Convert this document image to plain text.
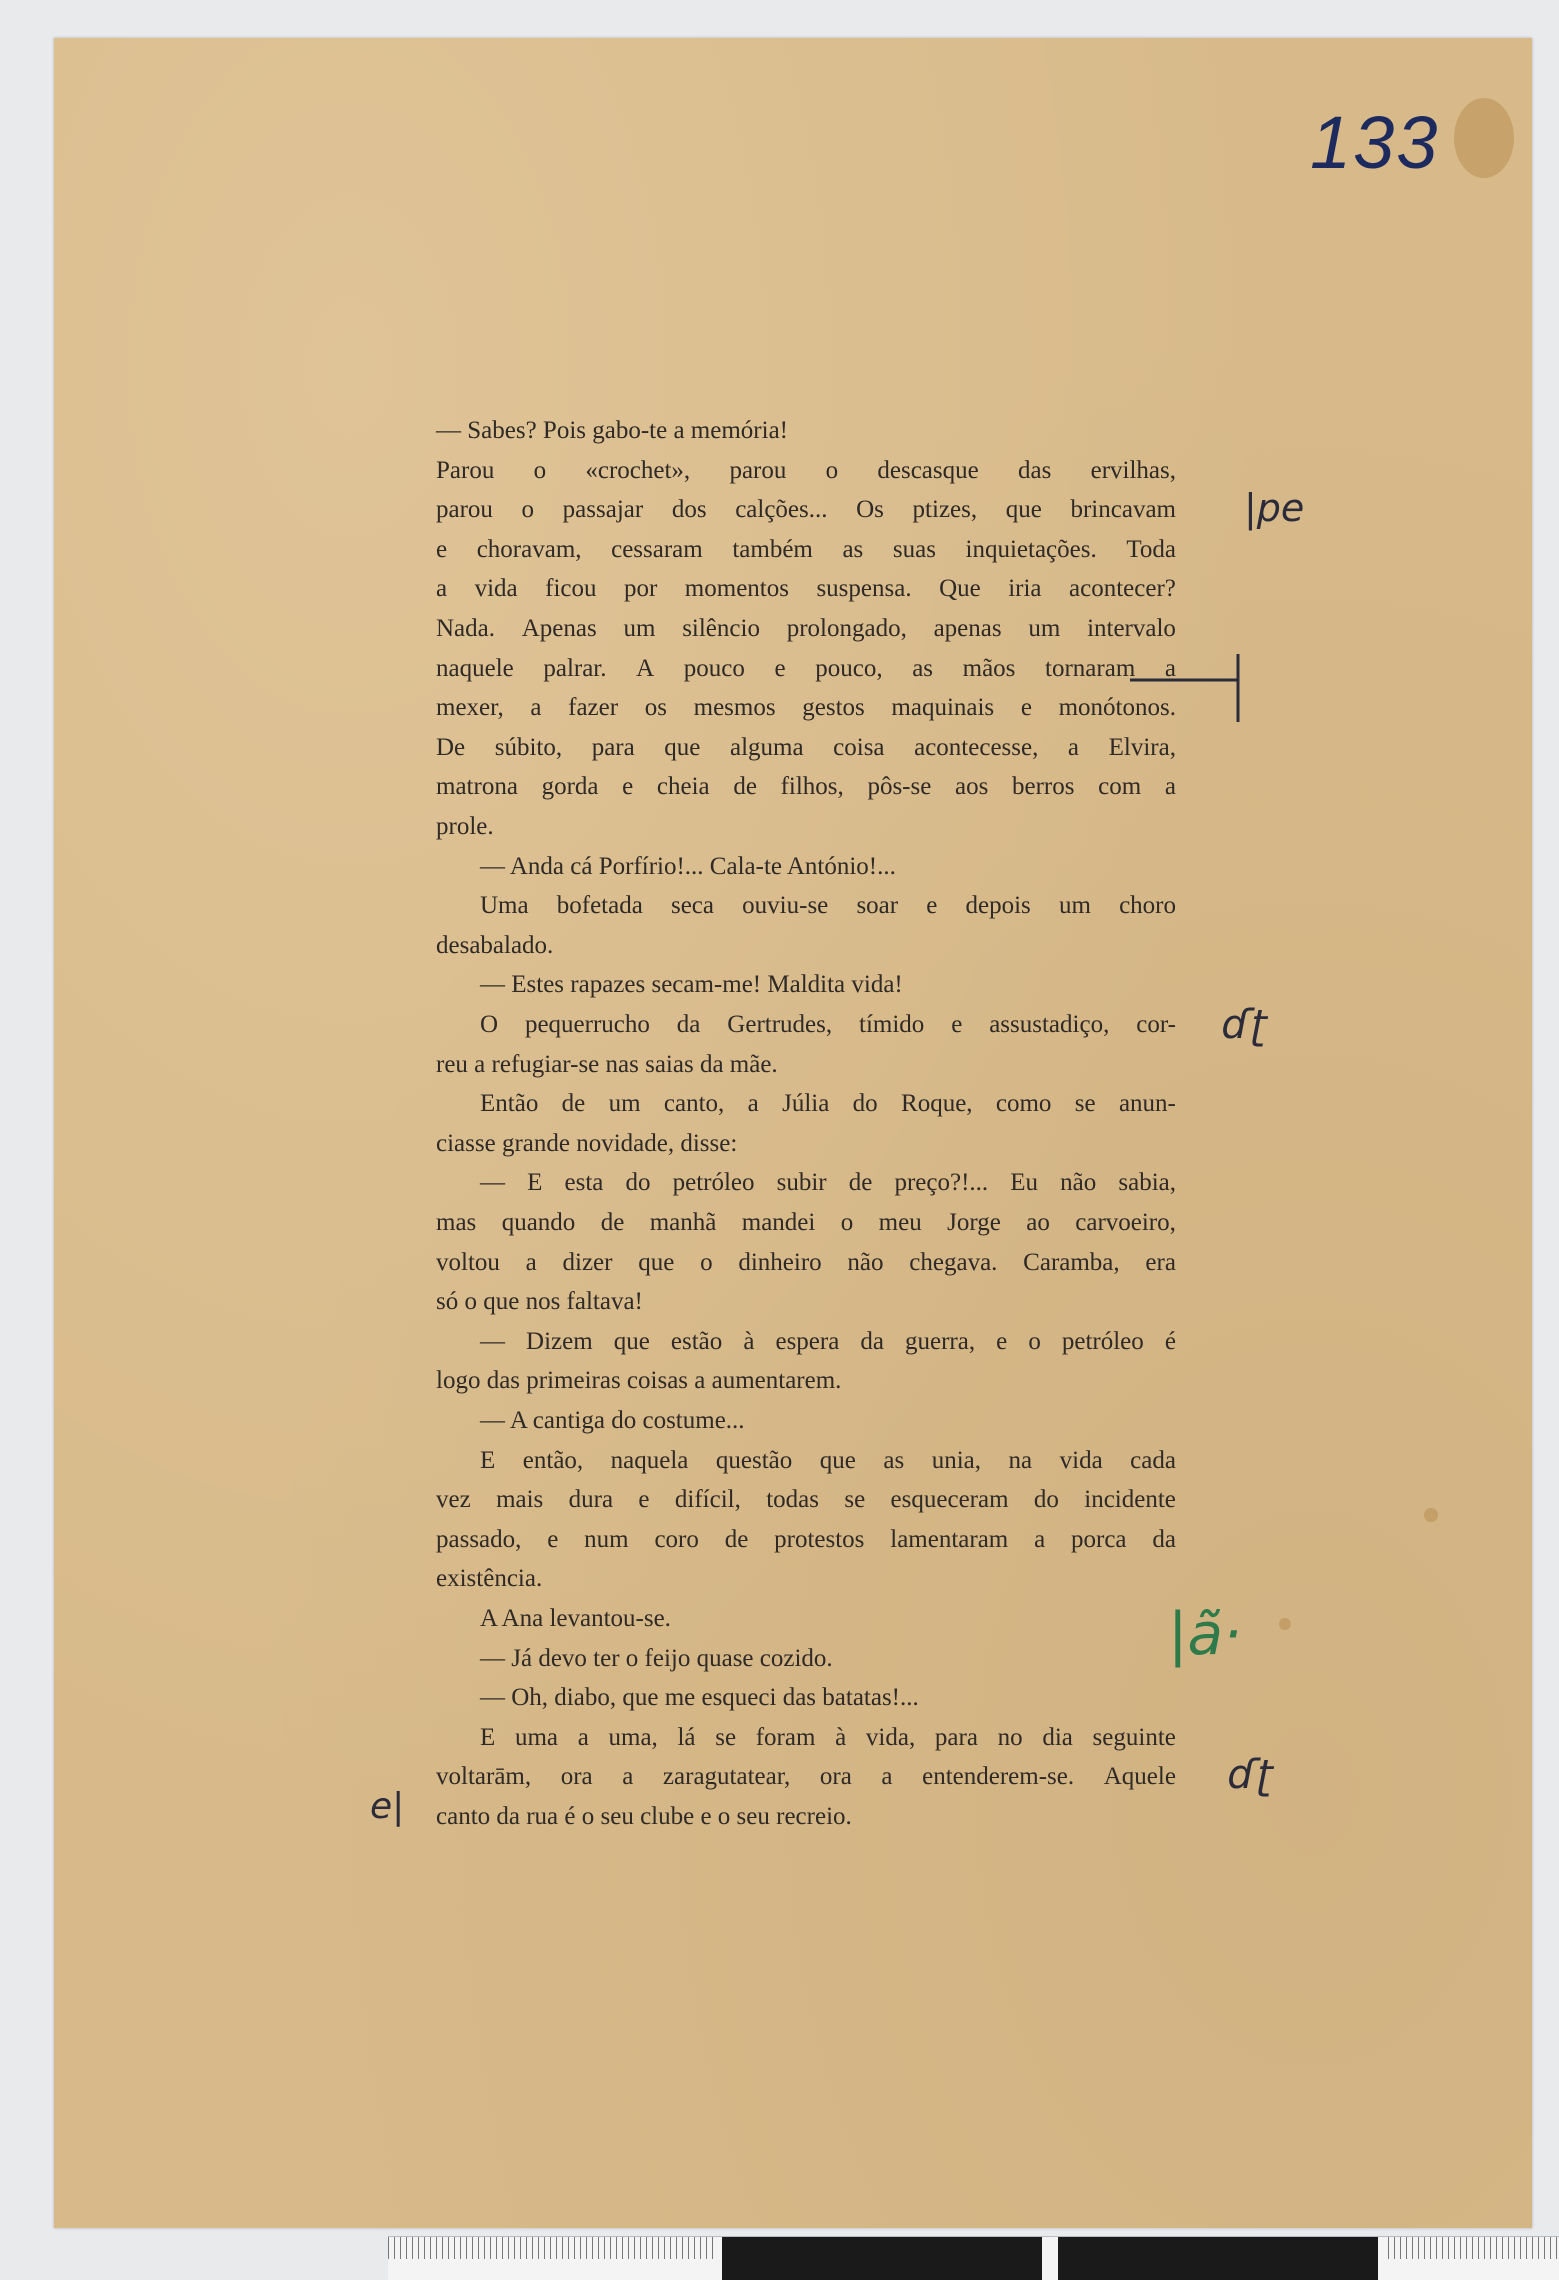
133
— Sabes? Pois gabo-te a memória!
Parou o «crochet», parou o descasque das ervilhas,
parou o passajar dos calções... Os ptizes, que brincavam
e choravam, cessaram também as suas inquietações. Toda
a vida ficou por momentos suspensa. Que iria acontecer?
Nada. Apenas um silêncio prolongado, apenas um intervalo
naquele palrar. A pouco e pouco, as mãos tornaram a
mexer, a fazer os mesmos gestos maquinais e monótonos.
De súbito, para que alguma coisa acontecesse, a Elvira,
matrona gorda e cheia de filhos, pôs-se aos berros com a
prole.
— Anda cá Porfírio!... Cala-te António!...
Uma bofetada seca ouviu-se soar e depois um choro
desabalado.
— Estes rapazes secam-me! Maldita vida!
O pequerrucho da Gertrudes, tímido e assustadiço, cor-
reu a refugiar-se nas saias da mãe.
Então de um canto, a Júlia do Roque, como se anun-
ciasse grande novidade, disse:
— E esta do petróleo subir de preço?!... Eu não sabia,
mas quando de manhã mandei o meu Jorge ao carvoeiro,
voltou a dizer que o dinheiro não chegava. Caramba, era
só o que nos faltava!
— Dizem que estão à espera da guerra, e o petróleo é
logo das primeiras coisas a aumentarem.
— A cantiga do costume...
E então, naquela questão que as unia, na vida cada
vez mais dura e difícil, todas se esqueceram do incidente
passado, e num coro de protestos lamentaram a porca da
existência.
A Ana levantou-se.
— Já devo ter o feijo quase cozido.
— Oh, diabo, que me esqueci das batatas!...
E uma a uma, lá se foram à vida, para no dia seguinte
voltarām, ora a zaragutatear, ora a entenderem-se. Aquele
canto da rua é o seu clube e o seu recreio.
|pe
ɗʈ
|ã·
ɗʈ
e|
